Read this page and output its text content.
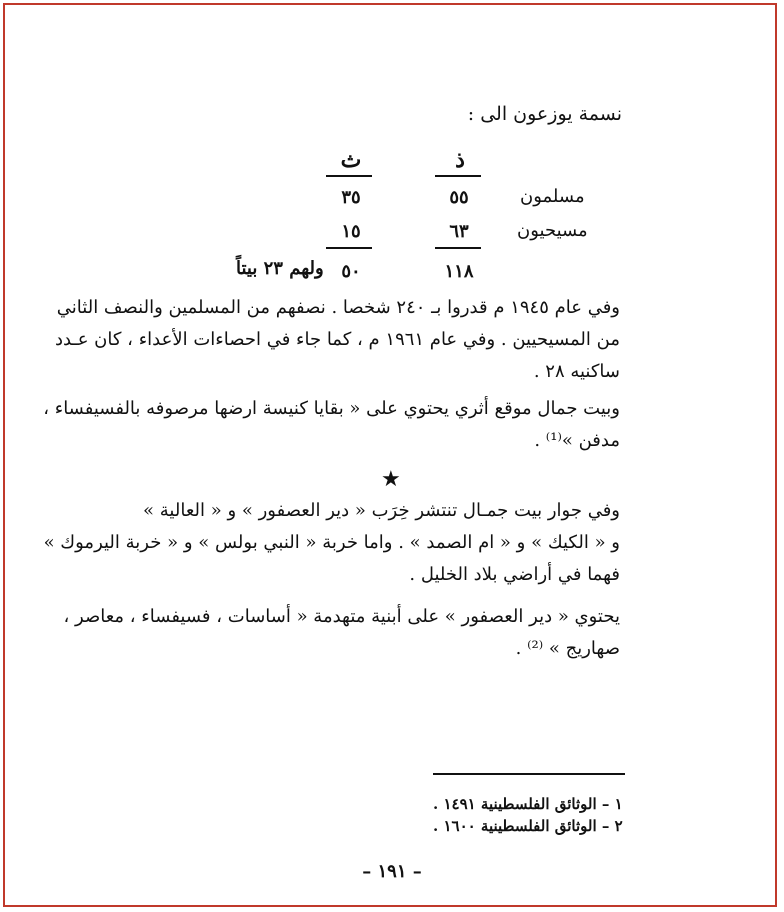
نسمة يوزعون الى :
ذ
ث
مسلمون
٥٥
٣٥
مسيحيون
٦٣
١٥
١١٨
٥٠
ولهم ٢٣ بيتاً
وفي عام ١٩٤٥ م قدروا بـ ٢٤٠ شخصا . نصفهم من المسلمين والنصف الثاني
من المسيحيين . وفي عام ١٩٦١ م ، كما جاء في احصاءات الأعداء ، كان عـدد
ساكنيه ٢٨ .
وبيت جمال موقع أثري يحتوي على « بقايا كنيسة ارضها مرصوفه بالفسيفساء ،
مدفن »⁽¹⁾ .
★
وفي جوار بيت جمـال تنتشر خِرَب « دير العصفور » و « العالية »
و « الكيك » و « ام الصمد » . واما خربة « النبي بولس » و « خربة اليرموك »
فهما في أراضي بلاد الخليل .
يحتوي « دير العصفور » على أبنية متهدمة « أساسات ، فسيفساء ، معاصر ،
صهاريج » ⁽²⁾ .
١ – الوثائق الفلسطينية ١٤٩١ .
٢ – الوثائق الفلسطينية ١٦٠٠ .
– ١٩١ –
